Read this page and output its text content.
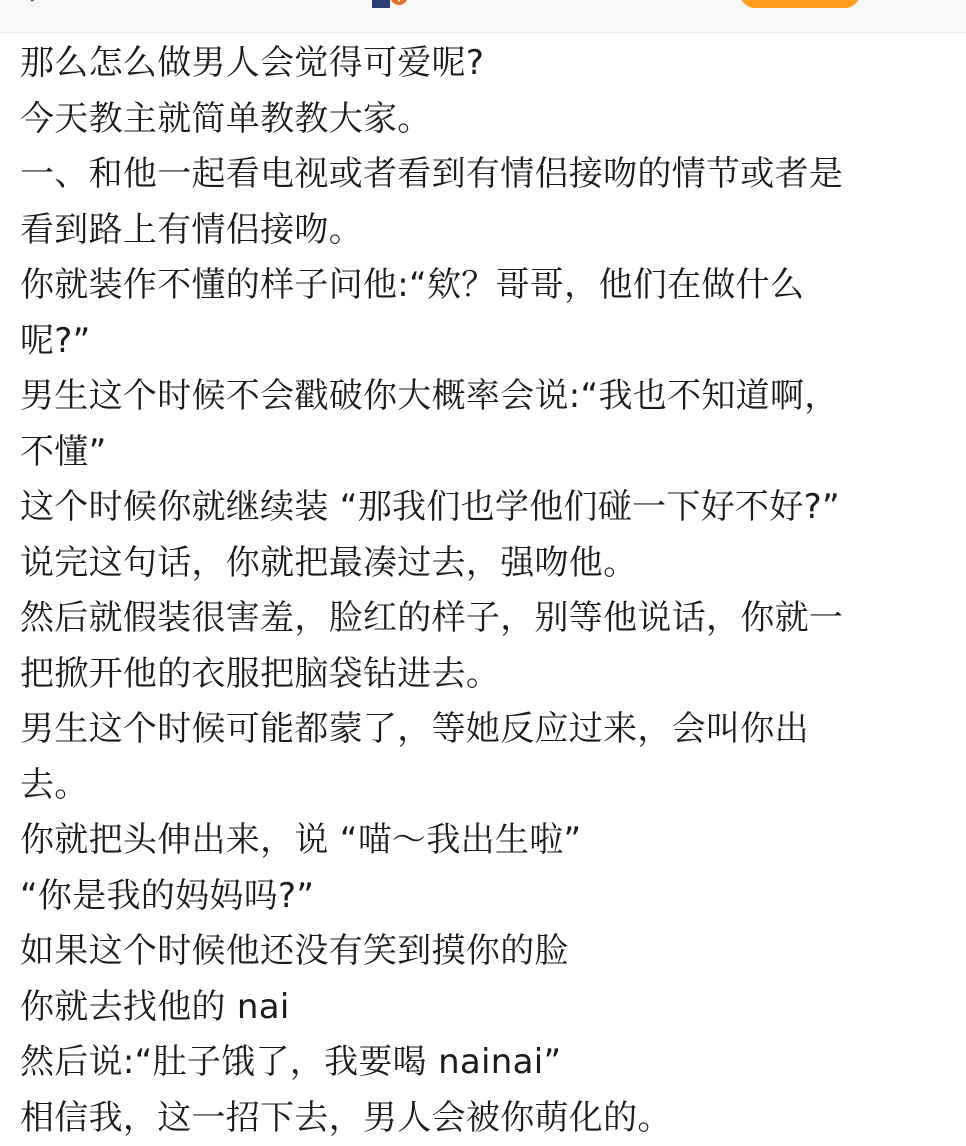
那么怎么做男人会觉得可爱呢?
今天教主就简单教教大家。
一、和他一起看电视或者看到有情侣接吻的情节或者是
看到路上有情侣接吻。
你就装作不懂的样子问他:“欸？哥哥，他们在做什么
呢?”
男生这个时候不会戳破你大概率会说:“我也不知道啊，
不懂”
这个时候你就继续装 “那我们也学他们碰一下好不好?”
说完这句话，你就把最凑过去，强吻他。
然后就假装很害羞，脸红的样子，别等他说话，你就一
把掀开他的衣服把脑袋钻进去。
男生这个时候可能都蒙了，等她反应过来，会叫你出
去。
你就把头伸出来，说 “喵～我出生啦”
“你是我的妈妈吗?”
如果这个时候他还没有笑到摸你的脸
你就去找他的 nai
然后说:“肚子饿了，我要喝 nainai”
相信我，这一招下去，男人会被你萌化的。
